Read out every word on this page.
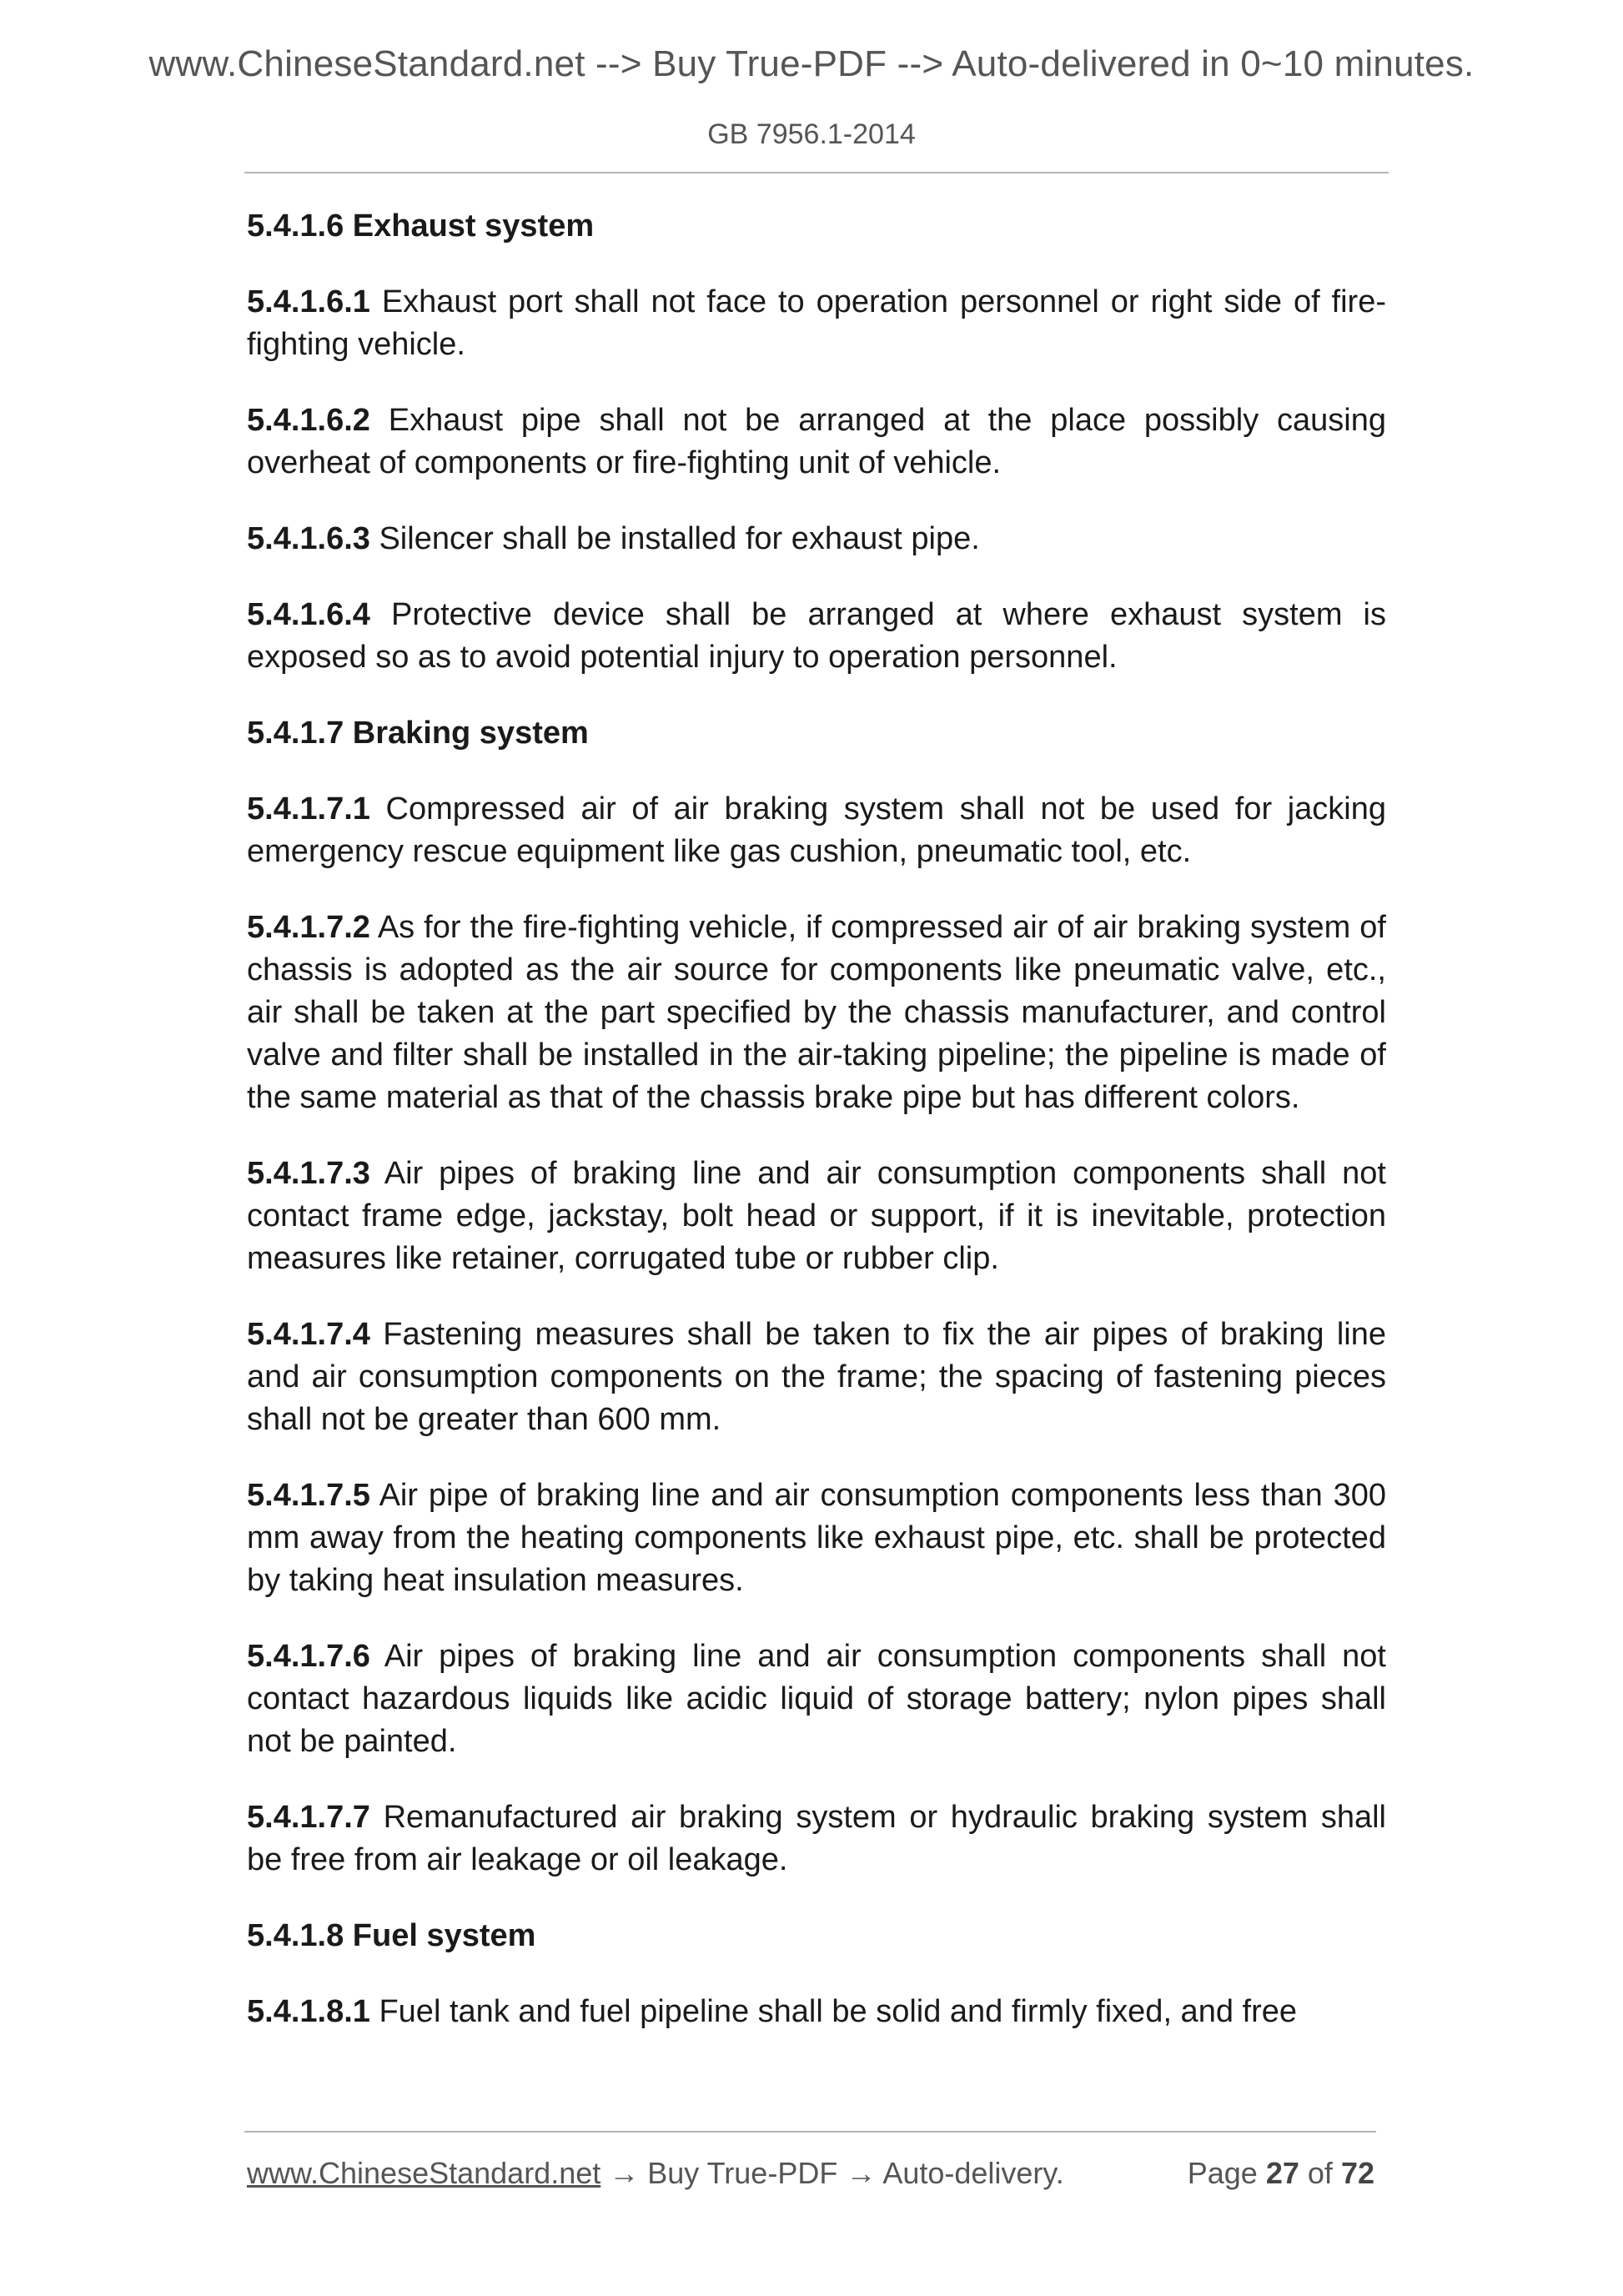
www.ChineseStandard.net --> Buy True-PDF --> Auto-delivered in 0~10 minutes.
GB 7956.1-2014

5.4.1.6 Exhaust system

5.4.1.6.1 Exhaust port shall not face to operation personnel or right side of fire-fighting vehicle.

5.4.1.6.2 Exhaust pipe shall not be arranged at the place possibly causing overheat of components or fire-fighting unit of vehicle.

5.4.1.6.3 Silencer shall be installed for exhaust pipe.

5.4.1.6.4 Protective device shall be arranged at where exhaust system is exposed so as to avoid potential injury to operation personnel.

5.4.1.7 Braking system

5.4.1.7.1 Compressed air of air braking system shall not be used for jacking emergency rescue equipment like gas cushion, pneumatic tool, etc.

5.4.1.7.2 As for the fire-fighting vehicle, if compressed air of air braking system of chassis is adopted as the air source for components like pneumatic valve, etc., air shall be taken at the part specified by the chassis manufacturer, and control valve and filter shall be installed in the air-taking pipeline; the pipeline is made of the same material as that of the chassis brake pipe but has different colors.

5.4.1.7.3 Air pipes of braking line and air consumption components shall not contact frame edge, jackstay, bolt head or support, if it is inevitable, protection measures like retainer, corrugated tube or rubber clip.

5.4.1.7.4 Fastening measures shall be taken to fix the air pipes of braking line and air consumption components on the frame; the spacing of fastening pieces shall not be greater than 600 mm.

5.4.1.7.5 Air pipe of braking line and air consumption components less than 300 mm away from the heating components like exhaust pipe, etc. shall be protected by taking heat insulation measures.

5.4.1.7.6 Air pipes of braking line and air consumption components shall not contact hazardous liquids like acidic liquid of storage battery; nylon pipes shall not be painted.

5.4.1.7.7 Remanufactured air braking system or hydraulic braking system shall be free from air leakage or oil leakage.

5.4.1.8 Fuel system

5.4.1.8.1 Fuel tank and fuel pipeline shall be solid and firmly fixed, and free

www.ChineseStandard.net → Buy True-PDF → Auto-delivery.	Page 27 of 72
